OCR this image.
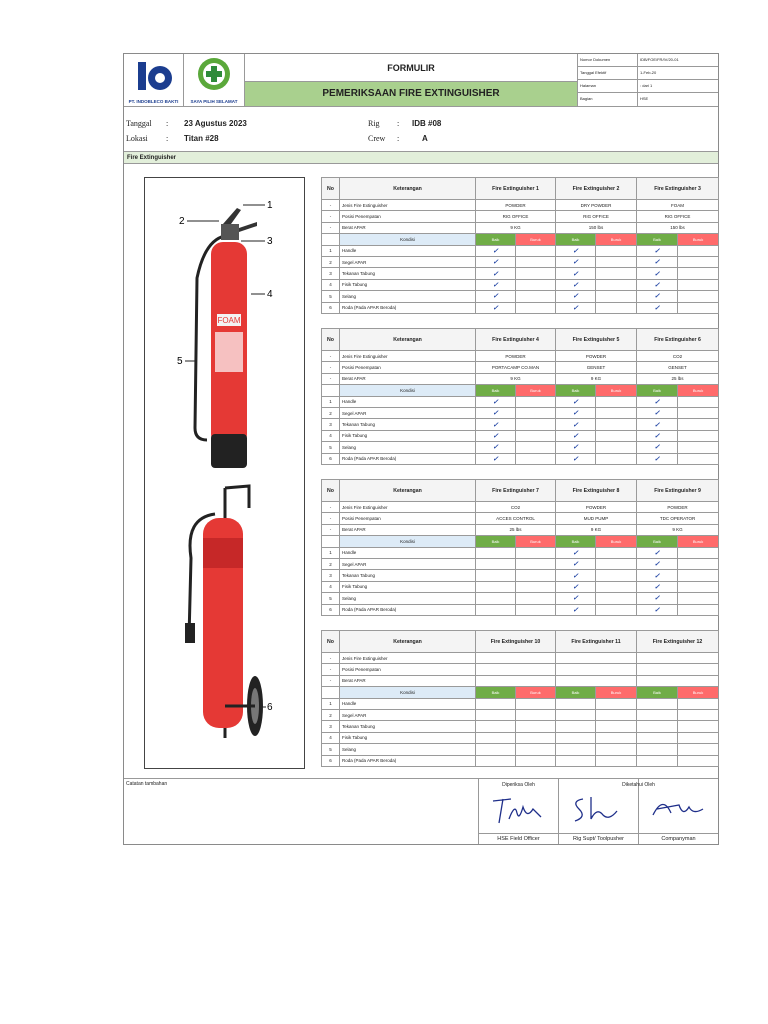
PT. INDOBLECO BAKTI	SAYA PILIH SELAMAT
FORMULIR
PEMERIKSAAN FIRE EXTINGUISHER
Nomor Dokumen	IDB/FOE/FR/IV/20-01
Tanggal Efektif	1-Feb-20
Halaman	: dari 1
Bagian	HSE
Tanggal : 23 Agustus 2023
Lokasi : Titan #28
Rig : IDB #08
Crew :	A
Fire Extinguisher
FOAM
2
1
3
4
5
6
No	Keterangan	Fire Extinguisher 1		Fire Extinguisher 2		Fire Extinguisher 3	
-	Jenis Fire Extinguisher	POWDER		DRY POWDER		FOAM	
-	Posisi Penempatan	RIG OFFICE		RIG OFFICE		RIG OFFICE	
-	Berat APAR	9 KG		150 lbs		150 lbs	
	Kondisi	Baik	Buruk	Baik	Buruk	Baik	Buruk
1	Handle	✓		✓		✓	
2	Segel APAR	✓		✓		✓	
3	Tekanan Tabung	✓		✓		✓	
4	Fisik Tabung	✓		✓		✓	
5	Selang	✓		✓		✓	
6	Roda (Pada APAR Beroda)	✓		✓		✓	
No	Keterangan	Fire Extinguisher 4		Fire Extinguisher 5		Fire Extinguisher 6	
-	Jenis Fire Extinguisher	POWDER		POWDER		CO2	
-	Posisi Penempatan	PORTACAMP CO.MAN		GENSET		GENSET	
-	Berat APAR	9 KG		9 KG		25 lbs	
	Kondisi	Baik	Buruk	Baik	Buruk	Baik	Buruk
1	Handle	✓		✓		✓	
2	Segel APAR	✓		✓		✓	
3	Tekanan Tabung	✓		✓		✓	
4	Fisik Tabung	✓		✓		✓	
5	Selang	✓		✓		✓	
6	Roda (Pada APAR Beroda)	✓		✓		✓	
No	Keterangan	Fire Extinguisher 7		Fire Extinguisher 8		Fire Extinguisher 9	
-	Jenis Fire Extinguisher	CO2		POWDER		POWDER	
-	Posisi Penempatan	ACCES CONTROL		MUD PUMP		TDC OPERATOR	
-	Berat APAR	25 lbs		9 KG		9 KG	
	Kondisi	Baik	Buruk	Baik	Buruk	Baik	Buruk
1	Handle			✓		✓	
2	Segel APAR			✓		✓	
3	Tekanan Tabung			✓		✓	
4	Fisik Tabung			✓		✓	
5	Selang			✓		✓	
6	Roda (Pada APAR Beroda)			✓		✓	
No	Keterangan	Fire Extinguisher 10		Fire Extinguisher 11		Fire Extinguisher 12	
-	Jenis Fire Extinguisher						
-	Posisi Penempatan						
-	Berat APAR						
	Kondisi	Baik	Buruk	Baik	Buruk	Baik	Buruk
1	Handle						
2	Segel APAR						
3	Tekanan Tabung						
4	Fisik Tabung						
5	Selang						
6	Roda (Pada APAR Beroda)						
Catatan tambahan	Diperiksa Oleh
HSE Field Officer
Diketahui Oleh
Rig Supt/ Toolpusher	Companyman
